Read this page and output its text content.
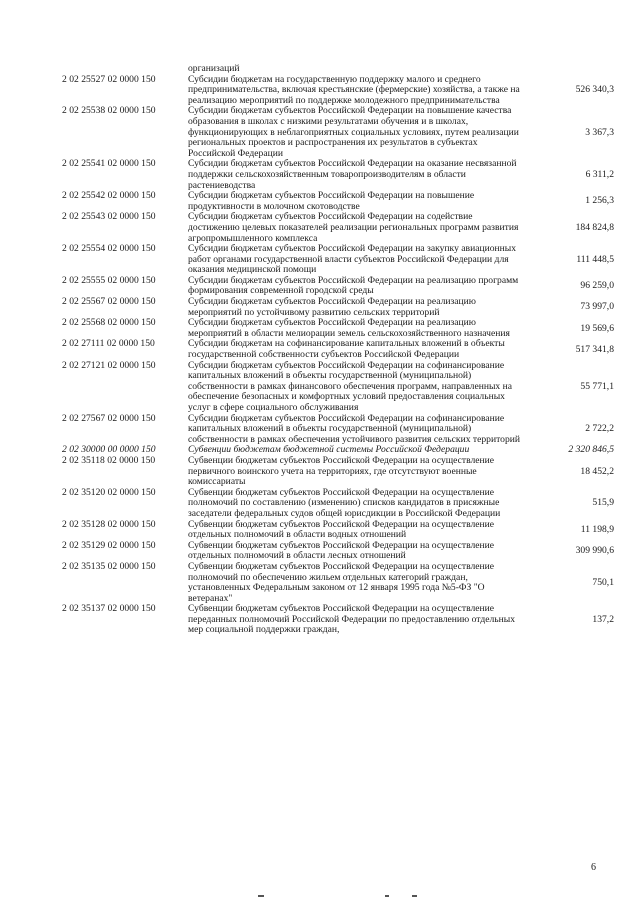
	организаций	
2 02 25527 02 0000 150	Субсидии бюджетам на государственную поддержку малого и среднего предпринимательства, включая крестьянские (фермерские) хозяйства, а также на реализацию мероприятий по поддержке молодежного предпринимательства	526 340,3
2 02 25538 02 0000 150	Субсидии бюджетам субъектов Российской Федерации на повышение качества образования в школах с низкими результатами обучения и в школах, функционирующих в неблагоприятных социальных условиях, путем реализации региональных проектов и распространения их результатов в субъектах Российской Федерации	3 367,3
2 02 25541 02 0000 150	Субсидии бюджетам субъектов Российской Федерации на оказание несвязанной поддержки сельскохозяйственным товаропроизводителям в области растениеводства	6 311,2
2 02 25542 02 0000 150	Субсидии бюджетам субъектов Российской Федерации на повышение продуктивности в молочном скотоводстве	1 256,3
2 02 25543 02 0000 150	Субсидии бюджетам субъектов Российской Федерации на содействие достижению целевых показателей реализации региональных программ развития агропромышленного комплекса	184 824,8
2 02 25554 02 0000 150	Субсидии бюджетам субъектов Российской Федерации на закупку авиационных работ органами государственной власти субъектов Российской Федерации для оказания медицинской помощи	111 448,5
2 02 25555 02 0000 150	Субсидии бюджетам субъектов Российской Федерации на реализацию программ формирования современной городской среды	96 259,0
2 02 25567 02 0000 150	Субсидии бюджетам субъектов Российской Федерации на реализацию мероприятий по устойчивому развитию сельских территорий	73 997,0
2 02 25568 02 0000 150	Субсидии бюджетам субъектов Российской Федерации на реализацию мероприятий в области мелиорации земель сельскохозяйственного назначения	19 569,6
2 02 27111 02 0000 150	Субсидии бюджетам на софинансирование капитальных вложений в объекты государственной собственности субъектов Российской Федерации	517 341,8
2 02 27121 02 0000 150	Субсидии бюджетам субъектов Российской Федерации на софинансирование капитальных вложений в объекты государственной (муниципальной) собственности в рамках финансового обеспечения программ, направленных на обеспечение безопасных и комфортных условий предоставления социальных услуг в сфере социального обслуживания	55 771,1
2 02 27567 02 0000 150	Субсидии бюджетам субъектов Российской Федерации на софинансирование капитальных вложений в объекты государственной (муниципальной) собственности в рамках обеспечения устойчивого развития сельских территорий	2 722,2
2 02 30000 00 0000 150	Субвенции бюджетам бюджетной системы Российской Федерации	2 320 846,5
2 02 35118 02 0000 150	Субвенции бюджетам субъектов Российской Федерации на осуществление первичного воинского учета на территориях, где отсутствуют военные комиссариаты	18 452,2
2 02 35120 02 0000 150	Субвенции бюджетам субъектов Российской Федерации на осуществление полномочий по составлению (изменению) списков кандидатов в присяжные заседатели федеральных судов общей юрисдикции в Российской Федерации	515,9
2 02 35128 02 0000 150	Субвенции бюджетам субъектов Российской Федерации на осуществление отдельных полномочий в области водных отношений	11 198,9
2 02 35129 02 0000 150	Субвенции бюджетам субъектов Российской Федерации на осуществление отдельных полномочий в области лесных отношений	309 990,6
2 02 35135 02 0000 150	Субвенции бюджетам субъектов Российской Федерации на осуществление полномочий по обеспечению жильем отдельных категорий граждан, установленных Федеральным законом от 12 января 1995 года №5-ФЗ "О ветеранах"	750,1
2 02 35137 02 0000 150	Субвенции бюджетам субъектов Российской Федерации на осуществление переданных полномочий Российской Федерации по предоставлению отдельных мер социальной поддержки граждан,	137,2
6
